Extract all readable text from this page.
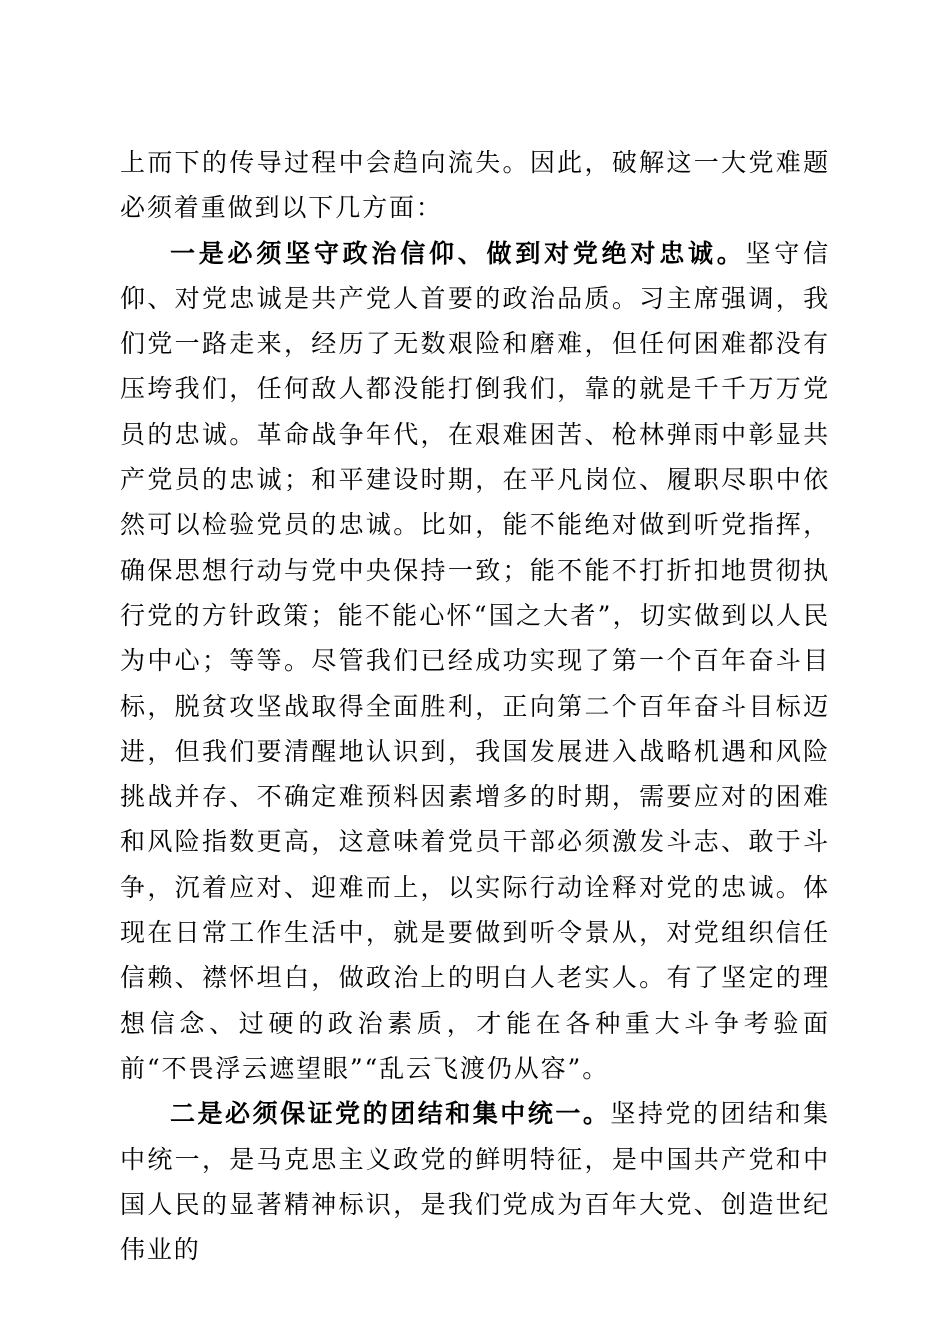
上而下的传导过程中会趋向流失。因此，破解这一大党难题必须着重做到以下几方面：

一是必须坚守政治信仰、做到对党绝对忠诚。坚守信仰、对党忠诚是共产党人首要的政治品质。习主席强调，我们党一路走来，经历了无数艰险和磨难，但任何困难都没有压垮我们，任何敌人都没能打倒我们，靠的就是千千万万党员的忠诚。革命战争年代，在艰难困苦、枪林弹雨中彰显共产党员的忠诚；和平建设时期，在平凡岗位、履职尽职中依然可以检验党员的忠诚。比如，能不能绝对做到听党指挥，确保思想行动与党中央保持一致；能不能不打折扣地贯彻执行党的方针政策；能不能心怀“国之大者”，切实做到以人民为中心；等等。尽管我们已经成功实现了第一个百年奋斗目标，脱贫攻坚战取得全面胜利，正向第二个百年奋斗目标迈进，但我们要清醒地认识到，我国发展进入战略机遇和风险挑战并存、不确定难预料因素增多的时期，需要应对的困难和风险指数更高，这意味着党员干部必须激发斗志、敢于斗争，沉着应对、迎难而上，以实际行动诠释对党的忠诚。体现在日常工作生活中，就是要做到听令景从，对党组织信任信赖、襟怀坦白，做政治上的明白人老实人。有了坚定的理想信念、过硬的政治素质，才能在各种重大斗争考验面前“不畏浮云遮望眼”“乱云飞渡仍从容”。

二是必须保证党的团结和集中统一。坚持党的团结和集中统一，是马克思主义政党的鲜明特征，是中国共产党和中国人民的显著精神标识，是我们党成为百年大党、创造世纪伟业的
